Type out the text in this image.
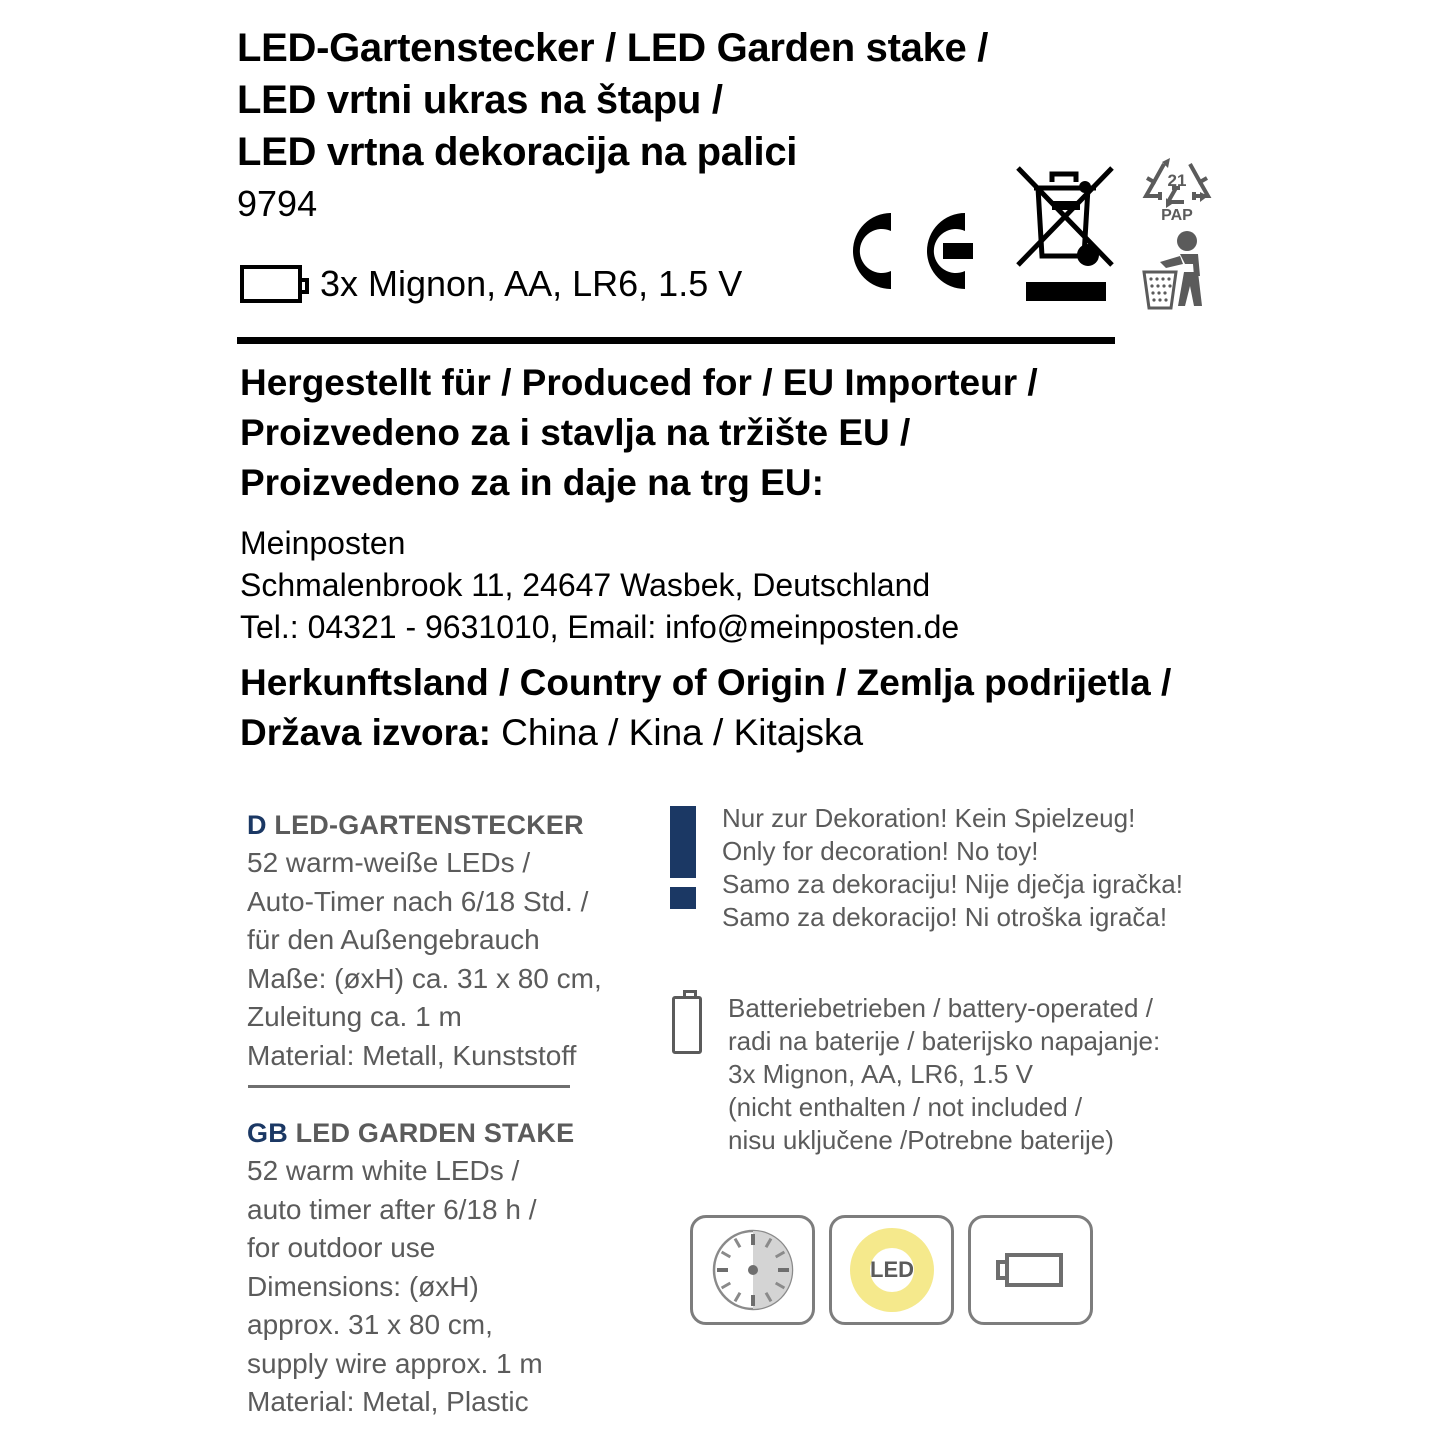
LED-Gartenstecker / LED Garden stake /
LED vrtni ukras na štapu /
LED vrtna dekoracija na palici
9794
3x Mignon, AA, LR6, 1.5 V
21
PAP
Hergestellt für / Produced for / EU Importeur /
Proizvedeno za i stavlja na tržište EU /
Proizvedeno za in daje na trg EU:
Meinposten
Schmalenbrook 11, 24647 Wasbek, Deutschland
Tel.: 04321 - 9631010, Email: info@meinposten.de
Herkunftsland / Country of Origin / Zemlja podrijetla /
Država izvora: China / Kina / Kitajska
D LED-GARTENSTECKER
52 warm-weiße LEDs /
Auto-Timer nach 6/18 Std. /
für den Außengebrauch
Maße: (øxH) ca. 31 x 80 cm,
Zuleitung ca. 1 m
Material: Metall, Kunststoff
GB LED GARDEN STAKE
52 warm white LEDs /
auto timer after 6/18 h /
for outdoor use
Dimensions: (øxH)
approx. 31 x 80 cm,
supply wire approx. 1 m
Material: Metal, Plastic
Nur zur Dekoration! Kein Spielzeug!
Only for decoration! No toy!
Samo za dekoraciju! Nije dječja igračka!
Samo za dekoracijo! Ni otroška igrača!
Batteriebetrieben / battery-operated /
radi na baterije / baterijsko napajanje:
3x Mignon, AA, LR6, 1.5 V
(nicht enthalten / not included /
nisu uključene /Potrebne baterije)
LED
